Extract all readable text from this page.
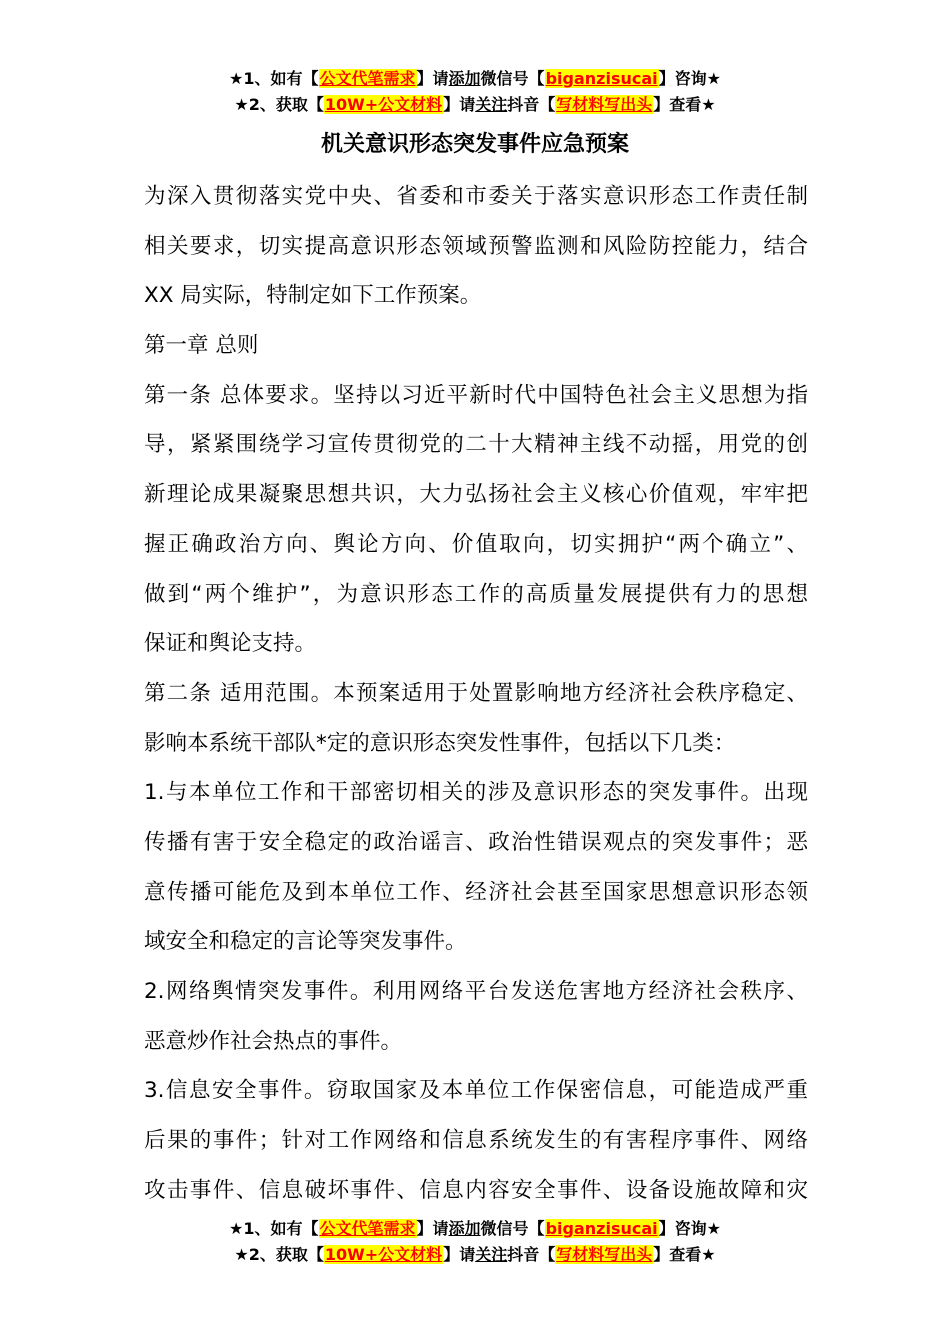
★1、如有【公文代笔需求】请添加微信号【biganzisucai】咨询★
★2、获取【10W+公文材料】请关注抖音【写材料写出头】查看★
机关意识形态突发事件应急预案
为深入贯彻落实党中央、省委和市委关于落实意识形态工作责任制
相关要求，切实提高意识形态领域预警监测和风险防控能力，结合
XX 局实际，特制定如下工作预案。
第一章 总则
第一条 总体要求。坚持以习近平新时代中国特色社会主义思想为指
导，紧紧围绕学习宣传贯彻党的二十大精神主线不动摇，用党的创
新理论成果凝聚思想共识，大力弘扬社会主义核心价值观，牢牢把
握正确政治方向、舆论方向、价值取向，切实拥护“两个确立”、
做到“两个维护”，为意识形态工作的高质量发展提供有力的思想
保证和舆论支持。
第二条 适用范围。本预案适用于处置影响地方经济社会秩序稳定、
影响本系统干部队*定的意识形态突发性事件，包括以下几类：
1.与本单位工作和干部密切相关的涉及意识形态的突发事件。出现
传播有害于安全稳定的政治谣言、政治性错误观点的突发事件；恶
意传播可能危及到本单位工作、经济社会甚至国家思想意识形态领
域安全和稳定的言论等突发事件。
2.网络舆情突发事件。利用网络平台发送危害地方经济社会秩序、
恶意炒作社会热点的事件。
3.信息安全事件。窃取国家及本单位工作保密信息，可能造成严重
后果的事件；针对工作网络和信息系统发生的有害程序事件、网络
攻击事件、信息破坏事件、信息内容安全事件、设备设施故障和灾
★1、如有【公文代笔需求】请添加微信号【biganzisucai】咨询★
★2、获取【10W+公文材料】请关注抖音【写材料写出头】查看★
